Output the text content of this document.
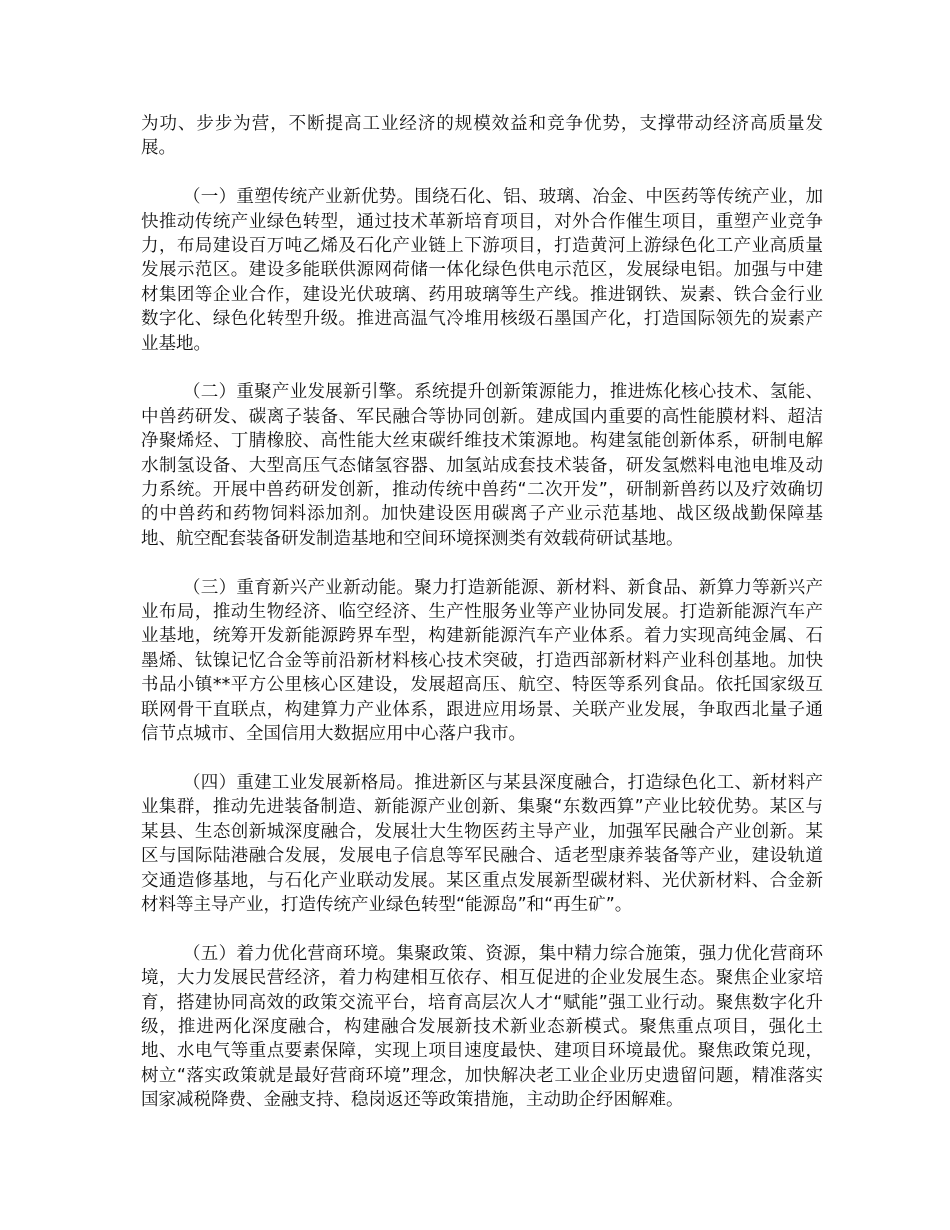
为功、步步为营，不断提高工业经济的规模效益和竞争优势，支撑带动经济高质量发展。

（一）重塑传统产业新优势。围绕石化、铝、玻璃、冶金、中医药等传统产业，加快推动传统产业绿色转型，通过技术革新培育项目，对外合作催生项目，重塑产业竞争力，布局建设百万吨乙烯及石化产业链上下游项目，打造黄河上游绿色化工产业高质量发展示范区。建设多能联供源网荷储一体化绿色供电示范区，发展绿电铝。加强与中建材集团等企业合作，建设光伏玻璃、药用玻璃等生产线。推进钢铁、炭素、铁合金行业数字化、绿色化转型升级。推进高温气冷堆用核级石墨国产化，打造国际领先的炭素产业基地。

（二）重聚产业发展新引擎。系统提升创新策源能力，推进炼化核心技术、氢能、中兽药研发、碳离子装备、军民融合等协同创新。建成国内重要的高性能膜材料、超洁净聚烯烃、丁腈橡胶、高性能大丝束碳纤维技术策源地。构建氢能创新体系，研制电解水制氢设备、大型高压气态储氢容器、加氢站成套技术装备，研发氢燃料电池电堆及动力系统。开展中兽药研发创新，推动传统中兽药“二次开发”，研制新兽药以及疗效确切的中兽药和药物饲料添加剂。加快建设医用碳离子产业示范基地、战区级战勤保障基地、航空配套装备研发制造基地和空间环境探测类有效载荷研试基地。

（三）重育新兴产业新动能。聚力打造新能源、新材料、新食品、新算力等新兴产业布局，推动生物经济、临空经济、生产性服务业等产业协同发展。打造新能源汽车产业基地，统筹开发新能源跨界车型，构建新能源汽车产业体系。着力实现高纯金属、石墨烯、钛镍记忆合金等前沿新材料核心技术突破，打造西部新材料产业科创基地。加快书品小镇**平方公里核心区建设，发展超高压、航空、特医等系列食品。依托国家级互联网骨干直联点，构建算力产业体系，跟进应用场景、关联产业发展，争取西北量子通信节点城市、全国信用大数据应用中心落户我市。

（四）重建工业发展新格局。推进新区与某县深度融合，打造绿色化工、新材料产业集群，推动先进装备制造、新能源产业创新、集聚“东数西算”产业比较优势。某区与某县、生态创新城深度融合，发展壮大生物医药主导产业，加强军民融合产业创新。某区与国际陆港融合发展，发展电子信息等军民融合、适老型康养装备等产业，建设轨道交通造修基地，与石化产业联动发展。某区重点发展新型碳材料、光伏新材料、合金新材料等主导产业，打造传统产业绿色转型“能源岛”和“再生矿”。

（五）着力优化营商环境。集聚政策、资源，集中精力综合施策，强力优化营商环境，大力发展民营经济，着力构建相互依存、相互促进的企业发展生态。聚焦企业家培育，搭建协同高效的政策交流平台，培育高层次人才“赋能”强工业行动。聚焦数字化升级，推进两化深度融合，构建融合发展新技术新业态新模式。聚焦重点项目，强化土地、水电气等重点要素保障，实现上项目速度最快、建项目环境最优。聚焦政策兑现，树立“落实政策就是最好营商环境”理念，加快解决老工业企业历史遗留问题，精准落实国家减税降费、金融支持、稳岗返还等政策措施，主动助企纾困解难。
